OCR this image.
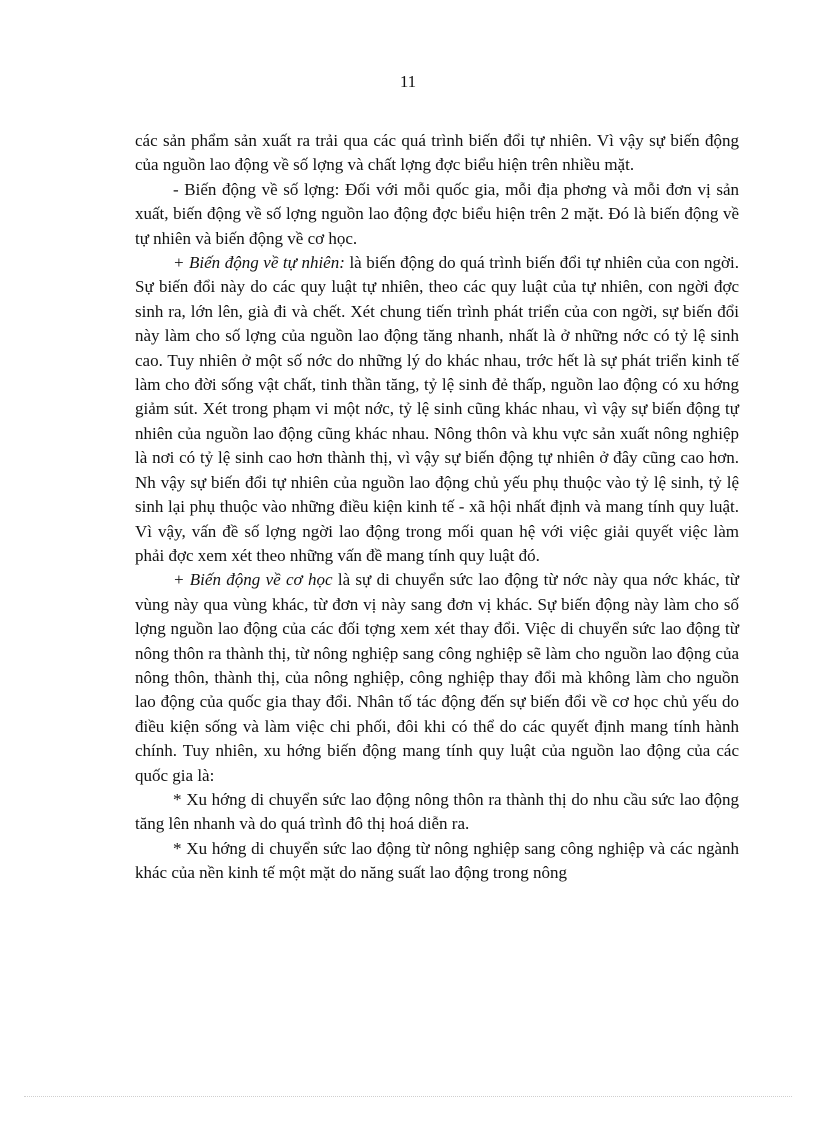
11

các sản phẩm sản xuất ra trải qua các quá trình biến đổi tự nhiên. Vì vậy sự biến động của nguồn lao động về số lợng và chất lợng đợc biểu hiện trên nhiều mặt.

- Biến động về số lợng: Đối với mỗi quốc gia, mỗi địa phơng và mỗi đơn vị sản xuất, biến động về số lợng nguồn lao động đợc biểu hiện trên 2 mặt. Đó là biến động về tự nhiên và biến động về cơ học.

+ Biến động về tự nhiên: là biến động do quá trình biến đổi tự nhiên của con ngời. Sự biến đổi này do các quy luật tự nhiên, theo các quy luật của tự nhiên, con ngời đợc sinh ra, lớn lên, già đi và chết. Xét chung tiến trình phát triển của con ngời, sự biến đổi này làm cho số lợng của nguồn lao động tăng nhanh, nhất là ở những nớc có tỷ lệ sinh cao. Tuy nhiên ở một số nớc do những lý do khác nhau, trớc hết là sự phát triển kinh tế làm cho đời sống vật chất, tinh thần tăng, tỷ lệ sinh đẻ thấp, nguồn lao động có xu hớng giảm sút. Xét trong phạm vi một nớc, tỷ lệ sinh cũng khác nhau, vì vậy sự biến động tự nhiên của nguồn lao động cũng khác nhau. Nông thôn và khu vực sản xuất nông nghiệp là nơi có tỷ lệ sinh cao hơn thành thị, vì vậy sự biến động tự nhiên ở đây cũng cao hơn. Nh vậy sự biến đổi tự nhiên của nguồn lao động chủ yếu phụ thuộc vào tỷ lệ sinh, tỷ lệ sinh lại phụ thuộc vào những điều kiện kinh tế - xã hội nhất định và mang tính quy luật. Vì vậy, vấn đề số lợng ngời lao động trong mối quan hệ với việc giải quyết việc làm phải đợc xem xét theo những vấn đề mang tính quy luật đó.

+ Biến động về cơ học là sự di chuyển sức lao động từ nớc này qua nớc khác, từ vùng này qua vùng khác, từ đơn vị này sang đơn vị khác. Sự biến động này làm cho số lợng nguồn lao động của các đối tợng xem xét thay đổi. Việc di chuyển sức lao động từ nông thôn ra thành thị, từ nông nghiệp sang công nghiệp sẽ làm cho nguồn lao động của nông thôn, thành thị, của nông nghiệp, công nghiệp thay đổi mà không làm cho nguồn lao động của quốc gia thay đổi. Nhân tố tác động đến sự biến đổi về cơ học chủ yếu do điều kiện sống và làm việc chi phối, đôi khi có thể do các quyết định mang tính hành chính. Tuy nhiên, xu hớng biến động mang tính quy luật của nguồn lao động của các quốc gia là:

* Xu hớng di chuyển sức lao động nông thôn ra thành thị do nhu cầu sức lao động tăng lên nhanh và do quá trình đô thị hoá diễn ra.

* Xu hớng di chuyển sức lao động từ nông nghiệp sang công nghiệp và các ngành khác của nền kinh tế một mặt do năng suất lao động trong nông
